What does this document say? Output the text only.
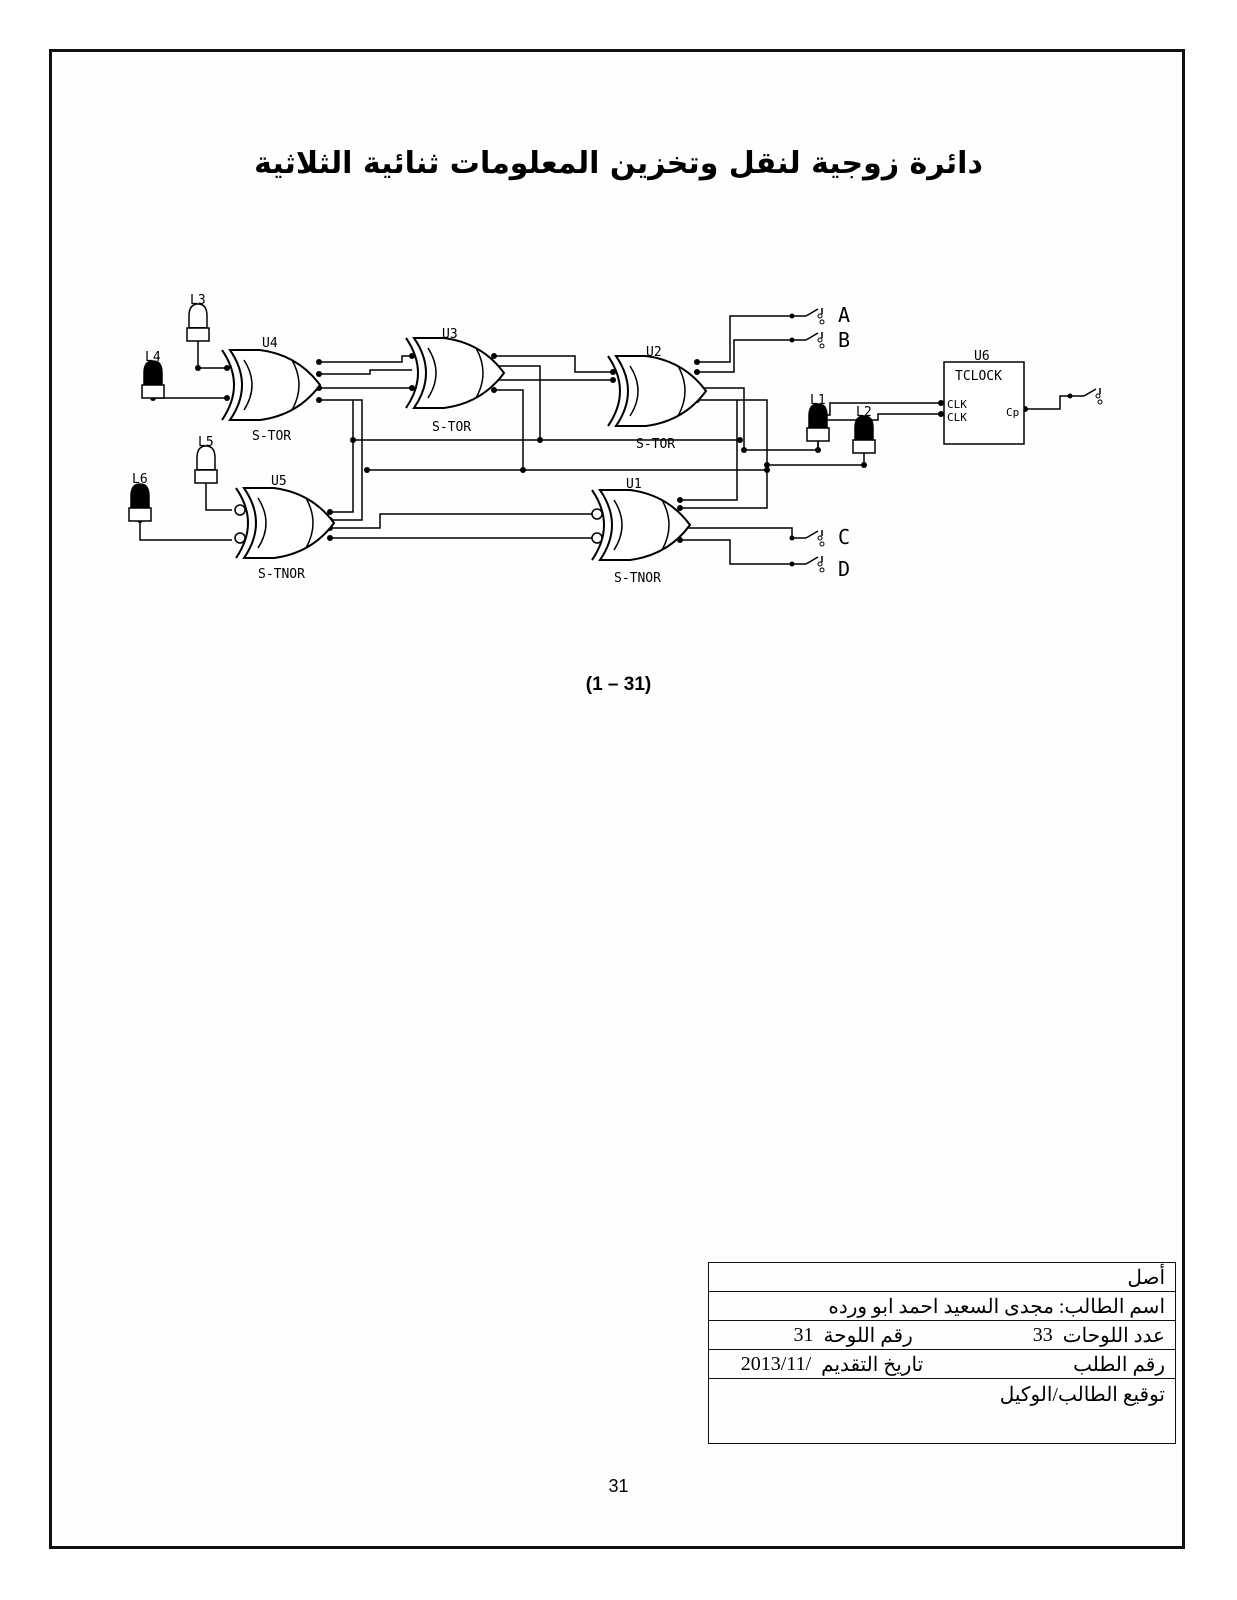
دائرة زوجية لنقل وتخزين المعلومات ثنائية الثلاثية
U4
S-TOR
U3
S-TOR
U2
S-TOR
U5
S-TNOR
U1
S-TNOR
U6
TCLOCK
CLK
CLK	Cp
L3
L4
L5
L6
L1
L2
A
B
C
D
(1 – 31)
أصل
اسم الطالب: مجدى السعيد احمد ابو ورده
عدد اللوحات
33
رقم اللوحة
31
رقم الطلب
تاريخ التقديم
2013/11/
توقيع الطالب/الوكيل
31
